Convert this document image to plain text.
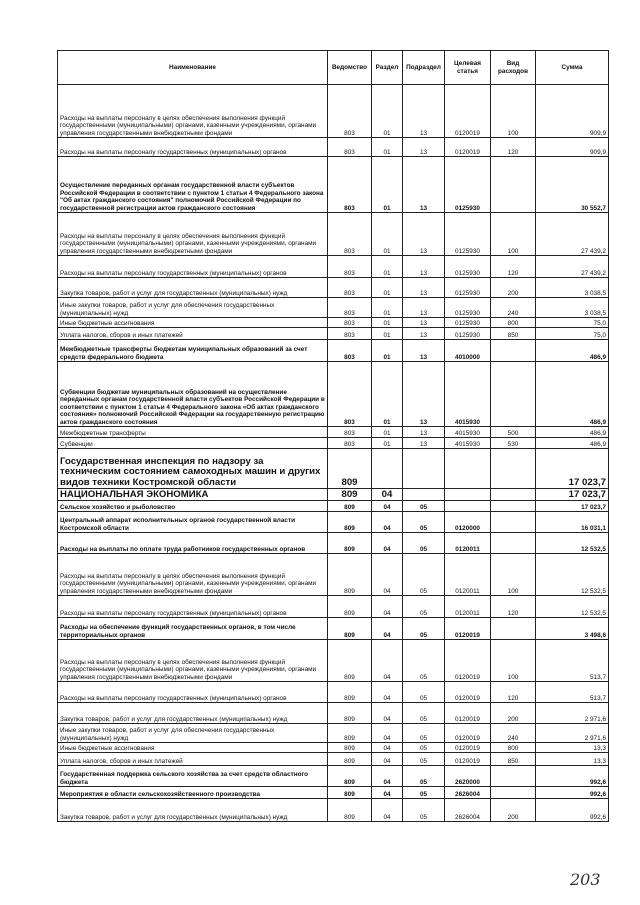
Наименование	Ведомство	Раздел	Подраздел	Целевая статья	Вид расходов	Сумма
Расходы на выплаты персоналу в целях обеспечения выполнения функций государственными (муниципальными) органами, казенными учреждениями, органами управления государственными внебюджетными фондами	803	01	13	0120019	100	909,9
Расходы на выплаты персоналу государственных (муниципальных) органов	803	01	13	0120019	120	909,9
Осуществление переданных органам государственной власти субъектов Российской Федерации в соответствии с пунктом 1 статьи 4 Федерального закона "Об актах гражданского состояния" полномочий Российской Федерации по государственной регистрации актов гражданского состояния	803	01	13	0125930		30 552,7
Расходы на выплаты персоналу в целях обеспечения выполнения функций государственными (муниципальными) органами, казенными учреждениями, органами управления государственными внебюджетными фондами	803	01	13	0125930	100	27 439,2
Расходы на выплаты персоналу государственных (муниципальных) органов	803	01	13	0125930	120	27 439,2
Закупка товаров, работ и услуг для государственных (муниципальных) нужд	803	01	13	0125930	200	3 038,5
Иные закупки товаров, работ и услуг для обеспечения государственных (муниципальных) нужд	803	01	13	0125930	240	3 038,5
Иные бюджетные ассигнования	803	01	13	0125930	800	75,0
Уплата налогов, сборов и иных платежей	803	01	13	0125930	850	75,0
Межбюджетные трансферты бюджетам муниципальных образований за счет средств федерального бюджета	803	01	13	4010000		486,9
Субвенции бюджетам муниципальных образований на осуществление переданных органам государственной власти субъектов Российской Федерации в соответствии с пунктом 1 статьи 4 Федерального закона «Об актах гражданского состояния» полномочий Российской Федерации на государственную регистрацию актов гражданского состояния	803	01	13	4015930		486,9
Межбюджетные трансферты	803	01	13	4015930	500	486,9
Субвенции	803	01	13	4015930	530	486,9
Государственная инспекция по надзору за техническим состоянием самоходных машин и других видов техники Костромской области	809					17 023,7
НАЦИОНАЛЬНАЯ ЭКОНОМИКА	809	04				17 023,7
Сельское хозяйство и рыболовство	809	04	05			17 023,7
Центральный аппарат исполнительных органов государственной власти Костромской области	809	04	05	0120000		16 031,1
Расходы на выплаты по оплате труда работников государственных органов	809	04	05	0120011		12 532,5
Расходы на выплаты персоналу в целях обеспечения выполнения функций государственными (муниципальными) органами, казенными учреждениями, органами управления государственными внебюджетными фондами	809	04	05	0120011	100	12 532,5
Расходы на выплаты персоналу государственных (муниципальных) органов	809	04	05	0120011	120	12 532,5
Расходы на обеспечение функций государственных органов, в том числе территориальных органов	809	04	05	0120019		3 498,6
Расходы на выплаты персоналу в целях обеспечения выполнения функций государственными (муниципальными) органами, казенными учреждениями, органами управления государственными внебюджетными фондами	809	04	05	0120019	100	513,7
Расходы на выплаты персоналу государственных (муниципальных) органов	809	04	05	0120019	120	513,7
Закупка товаров, работ и услуг для государственных (муниципальных) нужд	809	04	05	0120019	200	2 971,6
Иные закупки товаров, работ и услуг для обеспечения государственных (муниципальных) нужд	809	04	05	0120019	240	2 971,6
Иные бюджетные ассигнования	809	04	05	0120019	800	13,3
Уплата налогов, сборов и иных платежей	809	04	05	0120019	850	13,3
Государственная поддержка сельского хозяйства за счет средств областного бюджета	809	04	05	2620000		992,6
Мероприятия в области сельскохозяйственного производства	809	04	05	2626004		992,6
Закупка товаров, работ и услуг для государственных (муниципальных) нужд	809	04	05	2626004	200	992,6
203
